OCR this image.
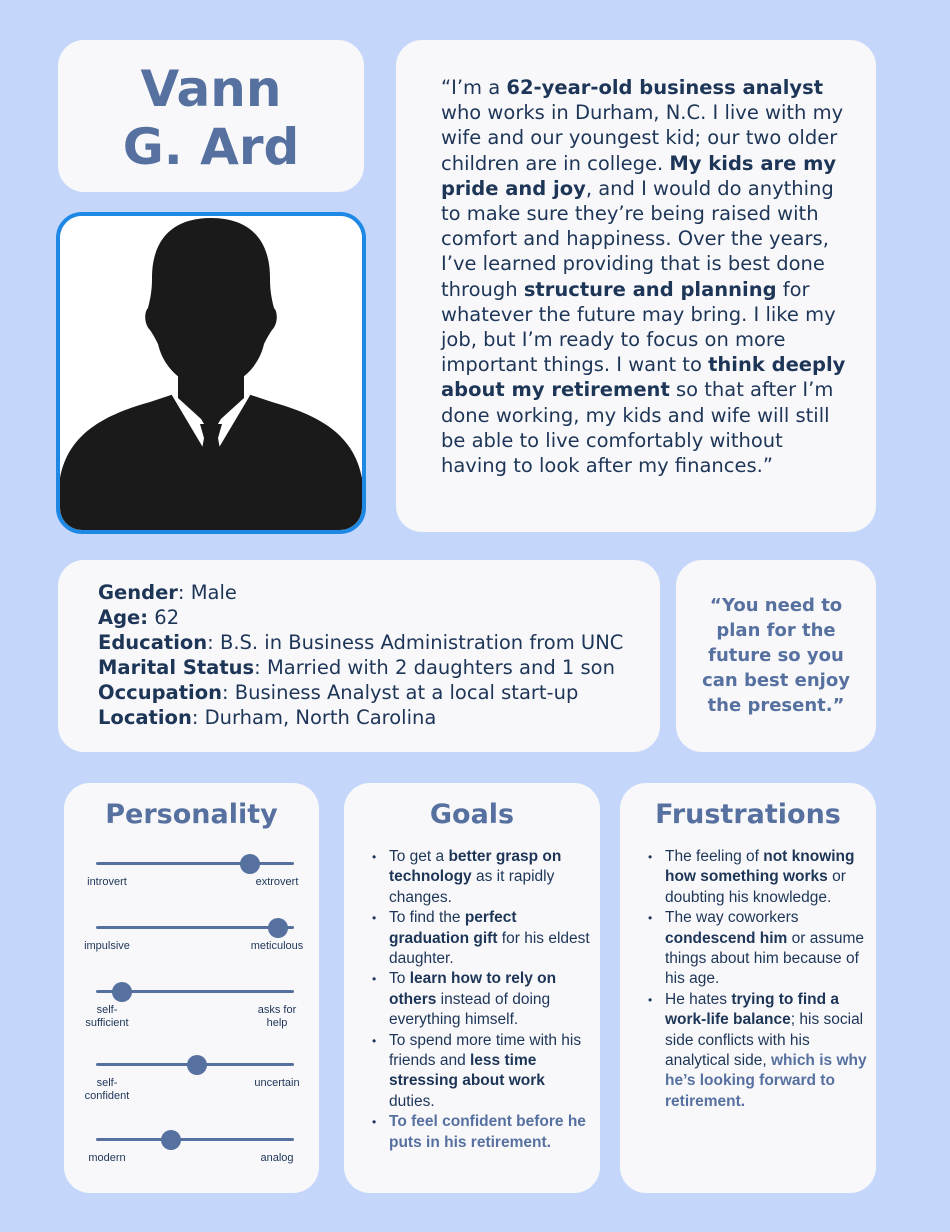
Vann
G. Ard

“I’m a 62-year-old business analyst who works in Durham, N.C. I live with my wife and our youngest kid; our two older children are in college. My kids are my pride and joy, and I would do anything to make sure they’re being raised with comfort and happiness. Over the years, I’ve learned providing that is best done through structure and planning for whatever the future may bring. I like my job, but I’m ready to focus on more important things. I want to think deeply about my retirement so that after I’m done working, my kids and wife will still be able to live comfortably without having to look after my finances.”

Gender: Male
Age: 62
Education: B.S. in Business Administration from UNC
Marital Status: Married with 2 daughters and 1 son
Occupation: Business Analyst at a local start-up
Location: Durham, North Carolina
“You need to
plan for the
future so you
can best enjoy
the present.”
Personality
introvert	extrovert
impulsive	meticulous
self-
sufficient
asks for
help
self-
confident
uncertain
modern	analog
Goals
• To get a better grasp on technology as it rapidly changes.
• To find the perfect graduation gift for his eldest daughter.
• To learn how to rely on others instead of doing everything himself.
• To spend more time with his friends and less time stressing about work duties.
• To feel confident before he puts in his retirement.
Frustrations
• The feeling of not knowing how something works or doubting his knowledge.
• The way coworkers condescend him or assume things about him because of his age.
• He hates trying to find a work-life balance; his social side conflicts with his analytical side, which is why he’s looking forward to retirement.
